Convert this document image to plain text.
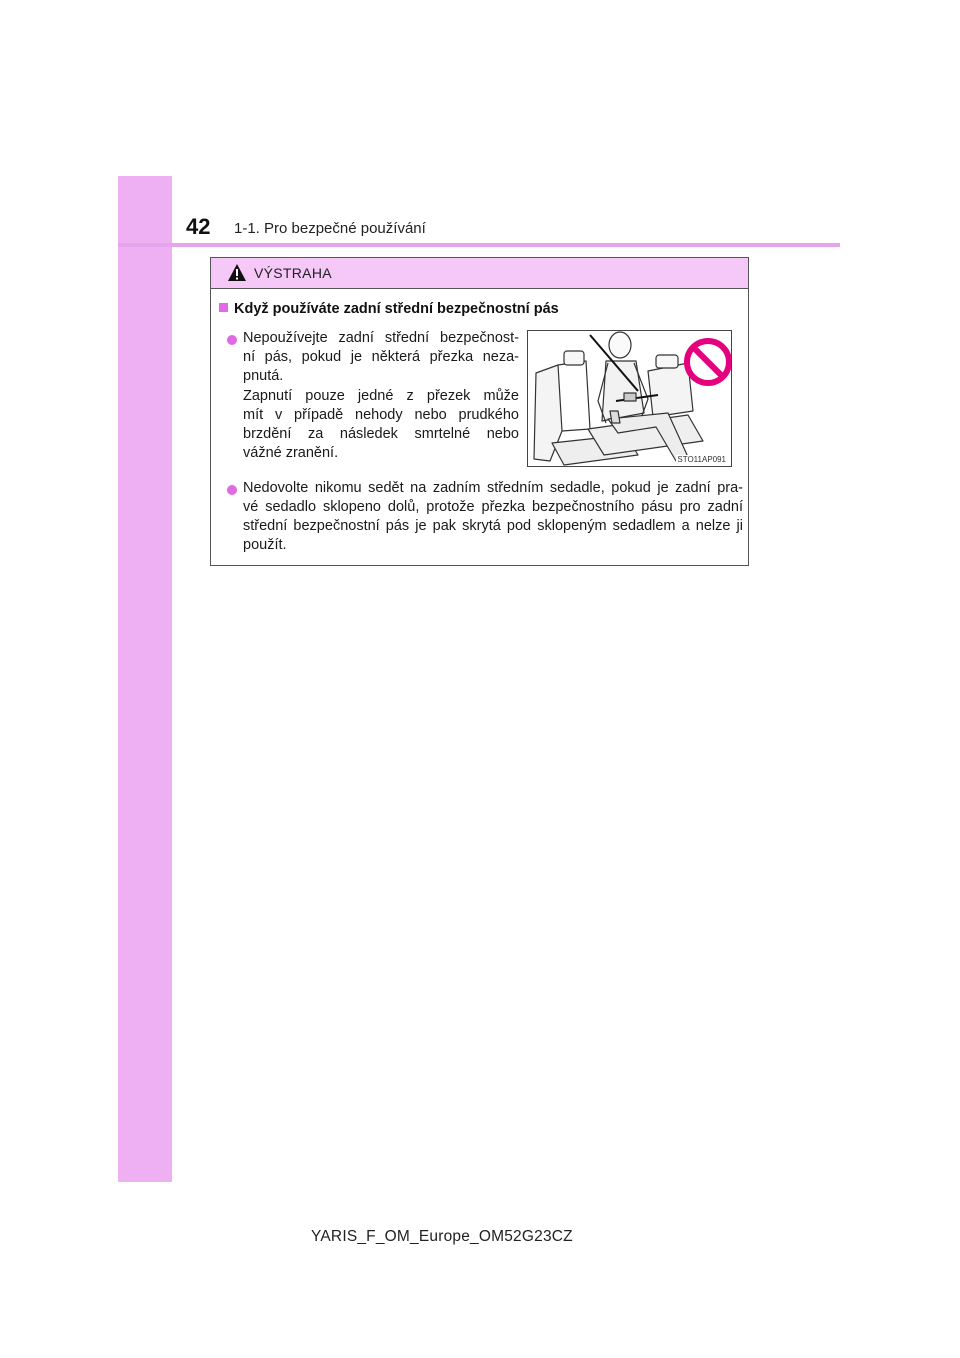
42 1-1. Pro bezpečné používání
VÝSTRAHA
Když používáte zadní střední bezpečnostní pás
Nepoužívejte zadní střední bezpečnost-
ní pás, pokud je některá přezka neza-
pnutá.
Zapnutí pouze jedné z přezek může
mít v případě nehody nebo prudkého
brzdění za následek smrtelné nebo
vážné zranění.	STO11AP091
Nedovolte nikomu sedět na zadním středním sedadle, pokud je zadní pra-
vé sedadlo sklopeno dolů, protože přezka bezpečnostního pásu pro zadní
střední bezpečnostní pás je pak skrytá pod sklopeným sedadlem a nelze ji
použít.
YARIS_F_OM_Europe_OM52G23CZ
